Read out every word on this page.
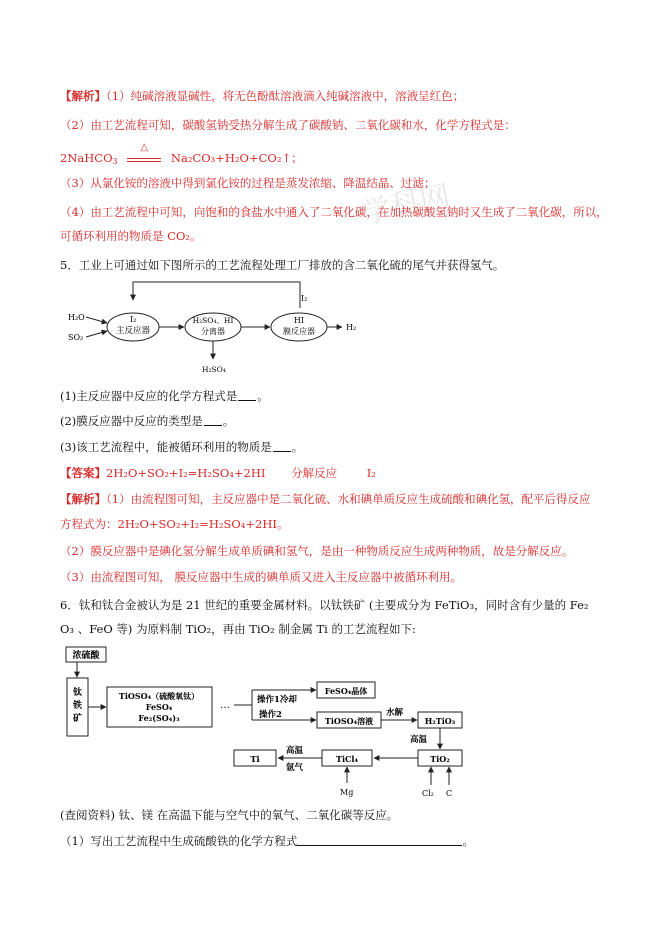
学科网
【解析】（1）纯碱溶液显碱性，将无色酚酞溶液滴入纯碱溶液中，溶液呈红色；
（2）由工艺流程可知，碳酸氢钠受热分解生成了碳酸钠、二氧化碳和水，化学方程式是：
2NaHCO$_3$
△
Na₂CO₃+H₂O+CO₂↑；
（3）从氯化铵的溶液中得到氯化铵的过程是蒸发浓缩、降温结晶、过滤；
（4）由工艺流程中可知，向饱和的食盐水中通入了二氧化碳，在加热碳酸氢钠时又生成了二氧化碳，所以，
可循环利用的物质是 CO₂。
5．工业上可通过如下图所示的工艺流程处理工厂排放的含二氧化硫的尾气并获得氢气。
I₂
H₂O
SO₂
I₂
主反应器
H₂SO₄、HI
分离器
HI
膜反应器	H₂
H₂SO₄
(1)主反应器中反应的化学方程式是 。
(2)膜反应器中反应的类型是 。
(3)该工艺流程中，能被循环利用的物质是 。
【答案】2H₂O+SO₂+I₂=H₂SO₄+2HI 分解反应	I₂
【解析】（1）由流程图可知，主反应器中是二氧化硫、水和碘单质反应生成硫酸和碘化氢，配平后得反应
方程式为：2H₂O+SO₂+I₂=H₂SO₄+2HI。
（2）膜反应器中是碘化氢分解生成单质碘和氢气，是由一种物质反应生成两种物质，故是分解反应。
（3）由流程图可知， 膜反应器中生成的碘单质又进入主反应器中被循环利用。
6．钛和钛合金被认为是 21 世纪的重要金属材料。以钛铁矿 (主要成分为 FeTiO₃，同时含有少量的 Fe₂
O₃ 、FeO 等) 为原料制 TiO₂，再由 TiO₂ 制金属 Ti 的工艺流程如下:
浓硫酸
钛
铁
矿
TiOSO₄（硫酸氧钛）
FeSO₄
Fe₂(SO₄)₃
…	操作1冷却
操作2
FeSO₄晶体
TiOSO₄溶液
水解
H₂TiO₃
高温
TiO₂
Cl₂ C
TiCl₄
Mg
高温
氩气
Ti
(查阅资料) 钛、镁 在高温下能与空气中的氧气、二氧化碳等反应。
（1）写出工艺流程中生成硫酸铁的化学方程式	。
